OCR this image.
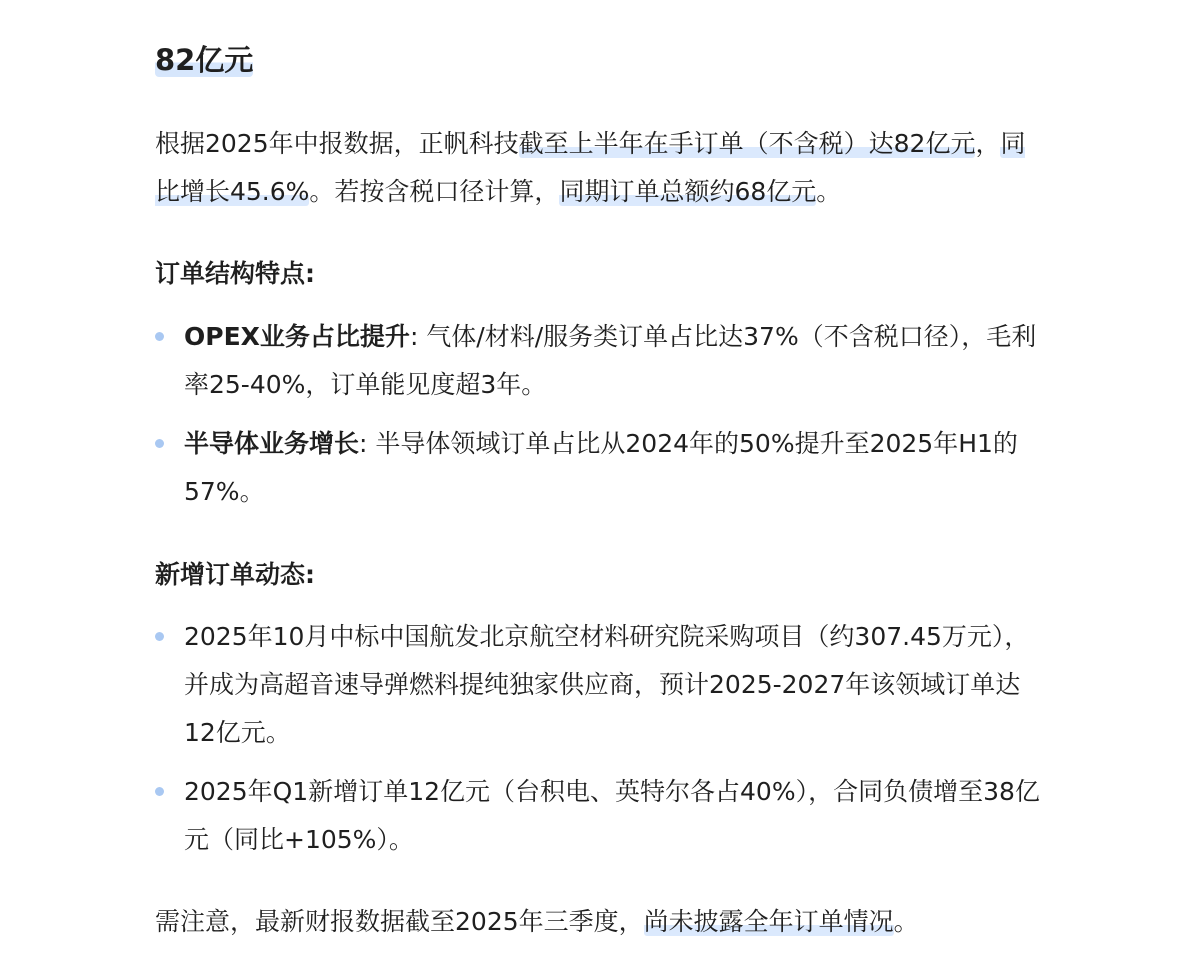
82亿元
根据2025年中报数据，正帆科技截至上半年在手订单（不含税）达82亿元，同比增长45.6%。若按含税口径计算，同期订单总额约68亿元。
订单结构特点:
OPEX业务占比提升: 气体/材料/服务类订单占比达37%（不含税口径），毛利率25-40%，订单能见度超3年。
半导体业务增长: 半导体领域订单占比从2024年的50%提升至2025年H1的57%。
新增订单动态:
2025年10月中标中国航发北京航空材料研究院采购项目（约307.45万元），并成为高超音速导弹燃料提纯独家供应商，预计2025-2027年该领域订单达12亿元。
2025年Q1新增订单12亿元（台积电、英特尔各占40%），合同负债增至38亿元（同比+105%）。
需注意，最新财报数据截至2025年三季度，尚未披露全年订单情况。
